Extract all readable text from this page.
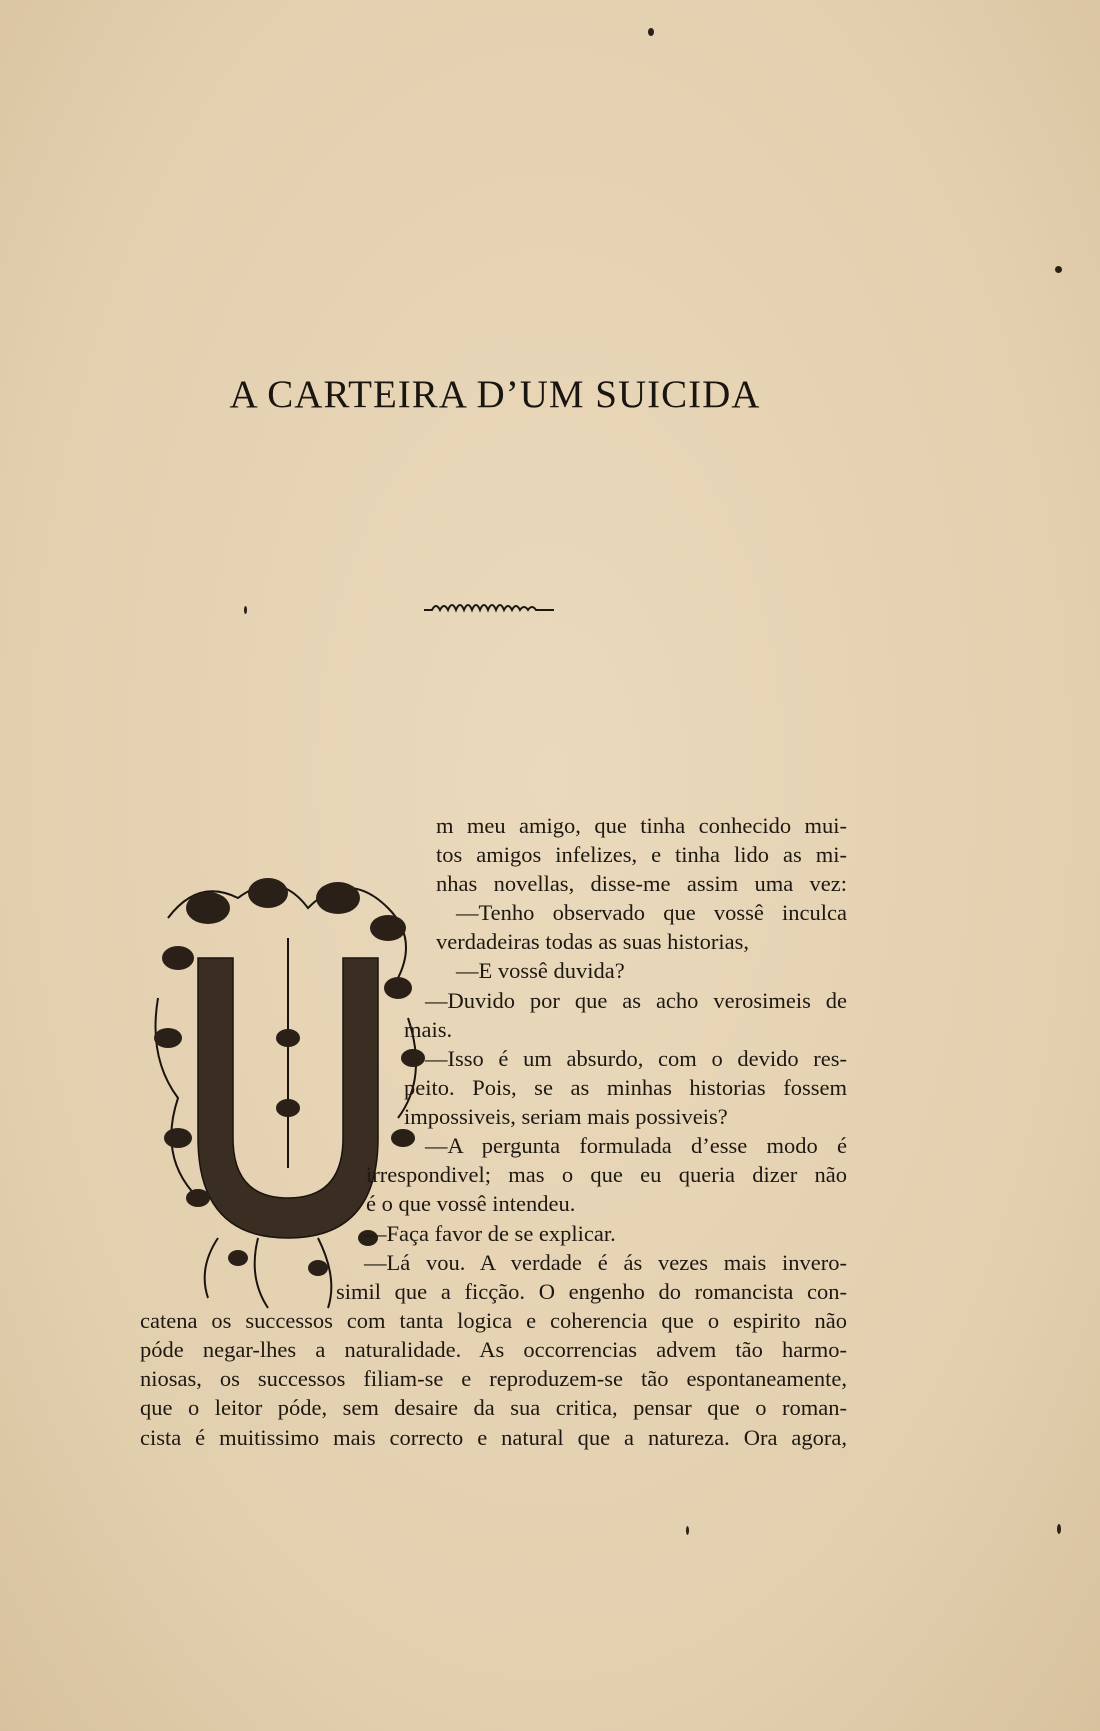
A CARTEIRA D’UM SUICIDA
m meu amigo, que tinha conhecido mui-
tos amigos infelizes, e tinha lido as mi-
nhas novellas, disse-me assim uma vez:
—Tenho observado que vossê inculca
verdadeiras todas as suas historias,
—E vossê duvida?
—Duvido por que as acho verosimeis de
mais.
—Isso é um absurdo, com o devido res-
peito. Pois, se as minhas historias fossem
impossiveis, seriam mais possiveis?
—A pergunta formulada d’esse modo é
irrespondivel; mas o que eu queria dizer não
é o que vossê intendeu.
—Faça favor de se explicar.
—Lá vou. A verdade é ás vezes mais invero-
simil que a ficção. O engenho do romancista con-
catena os successos com tanta logica e coherencia que o espirito não
póde negar-lhes a naturalidade. As occorrencias advem tão harmo-
niosas, os successos filiam-se e reproduzem-se tão espontaneamente,
que o leitor póde, sem desaire da sua critica, pensar que o roman-
cista é muitissimo mais correcto e natural que a natureza. Ora agora,
